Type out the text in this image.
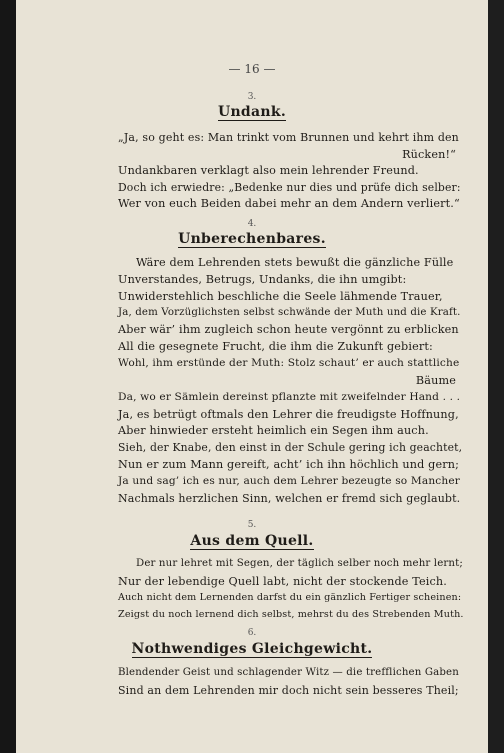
— 16 —
3.
Undank.
„Ja, so geht es: Man trinkt vom Brunnen und kehrt ihm den
Rücken!“
Undankbaren verklagt also mein lehrender Freund.
Doch ich erwiedre: „Bedenke nur dies und prüfe dich selber:
Wer von euch Beiden dabei mehr an dem Andern verliert.“
4.
Unberechenbares.
Wäre dem Lehrenden stets bewußt die gänzliche Fülle
Unverstandes, Betrugs, Undanks, die ihn umgibt:
Unwiderstehlich beschliche die Seele lähmende Trauer,
Ja, dem Vorzüglichsten selbst schwände der Muth und die Kraft.
Aber wär’ ihm zugleich schon heute vergönnt zu erblicken
All die gesegnete Frucht, die ihm die Zukunft gebiert:
Wohl, ihm erstünde der Muth: Stolz schaut’ er auch stattliche
Bäume
Da, wo er Sämlein dereinst pflanzte mit zweifelnder Hand . . .
Ja, es betrügt oftmals den Lehrer die freudigste Hoffnung,
Aber hinwieder ersteht heimlich ein Segen ihm auch.
Sieh, der Knabe, den einst in der Schule gering ich geachtet,
Nun er zum Mann gereift, acht’ ich ihn höchlich und gern;
Ja und sag’ ich es nur, auch dem Lehrer bezeugte so Mancher
Nachmals herzlichen Sinn, welchen er fremd sich geglaubt.
5.
Aus dem Quell.
Der nur lehret mit Segen, der täglich selber noch mehr lernt;
Nur der lebendige Quell labt, nicht der stockende Teich.
Auch nicht dem Lernenden darfst du ein gänzlich Fertiger scheinen:
Zeigst du noch lernend dich selbst, mehrst du des Strebenden Muth.
6.
Nothwendiges Gleichgewicht.
Blendender Geist und schlagender Witz — die trefflichen Gaben
Sind an dem Lehrenden mir doch nicht sein besseres Theil;
